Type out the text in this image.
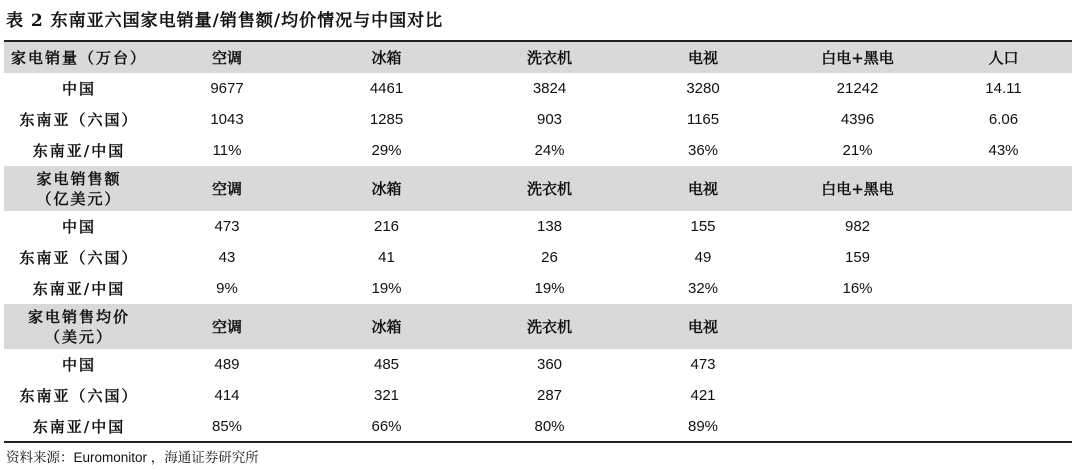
表 2 东南亚六国家电销量/销售额/均价情况与中国对比
家电销量（万台）	空调	冰箱	洗衣机	电视	白电+黑电	人口
中国	9677	4461	3824	3280	21242	14.11
东南亚（六国）	1043	1285	903	1165	4396	6.06
东南亚/中国	11%	29%	24%	36%	21%	43%

家电销售额
（亿美元）	空调	冰箱	洗衣机	电视	白电+黑电	
中国	473	216	138	155	982	
东南亚（六国）	43	41	26	49	159	
东南亚/中国	9%	19%	19%	32%	16%	

家电销售均价
（美元）	空调	冰箱	洗衣机	电视		
中国	489	485	360	473		
东南亚（六国）	414	321	287	421		
东南亚/中国	85%	66%	80%	89%		
资料来源：Euromonitor ，海通证券研究所
